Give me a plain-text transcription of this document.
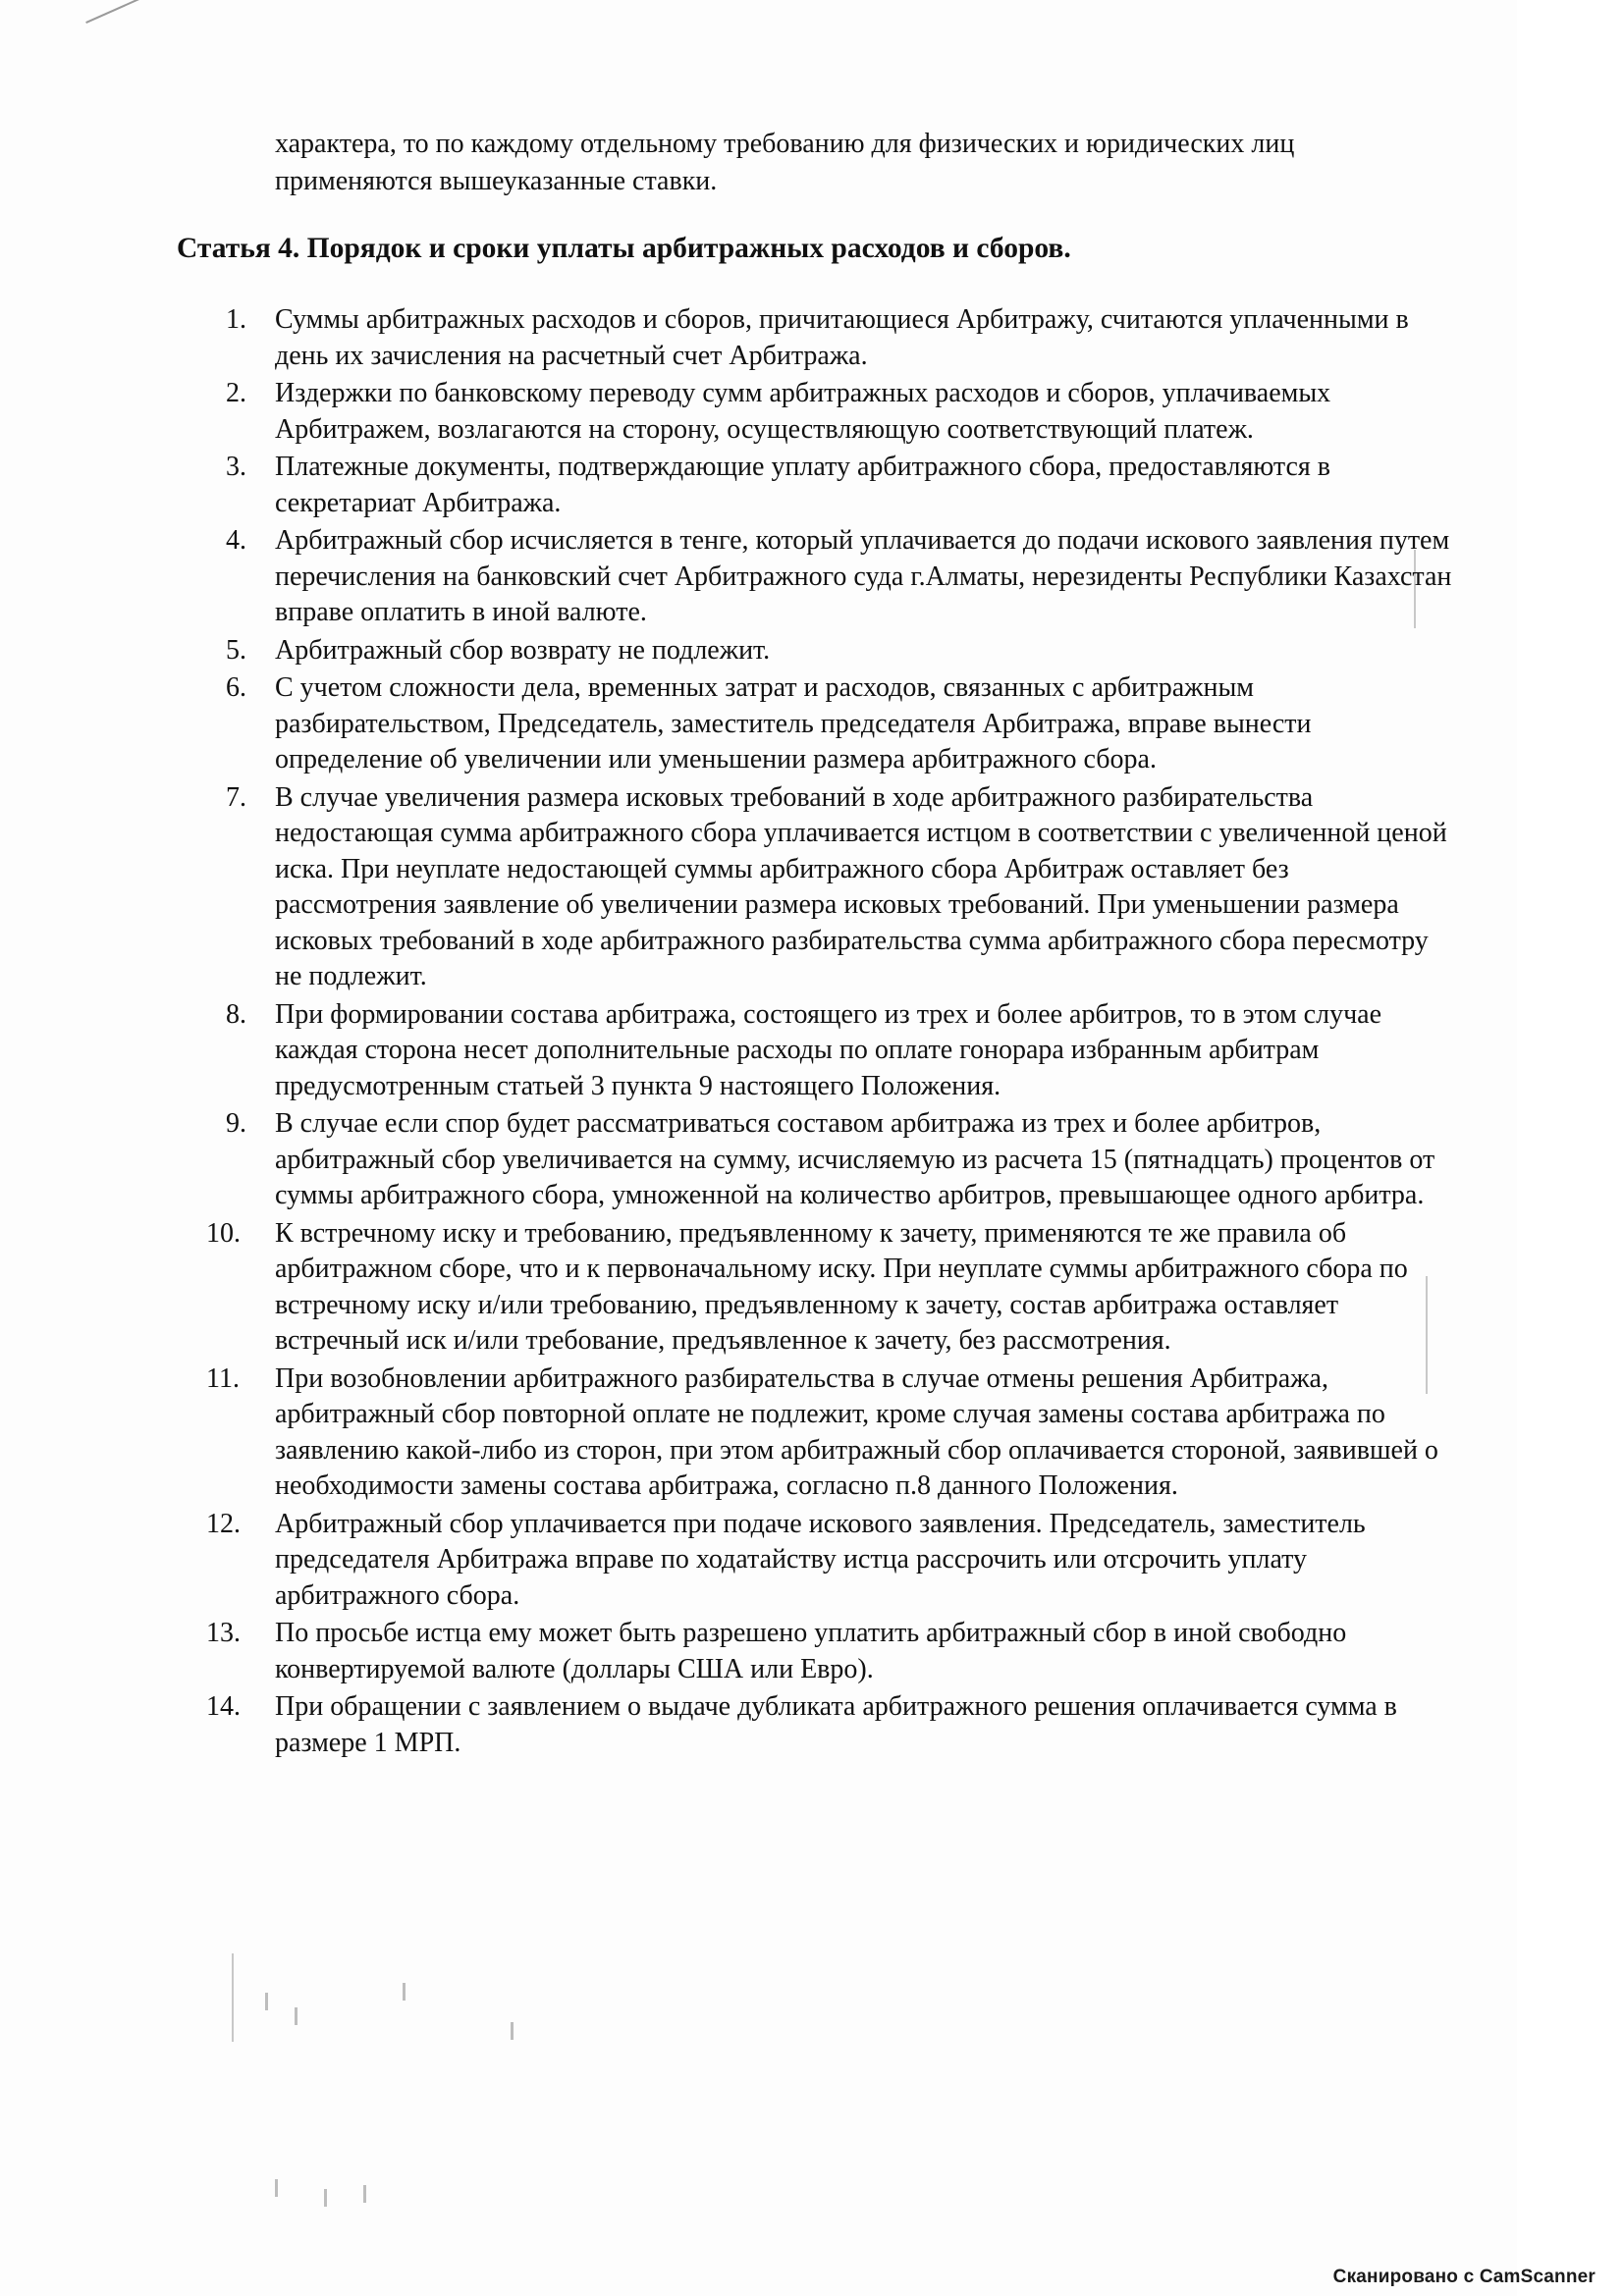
характера, то по каждому отдельному требованию для физических и юридических лиц применяются вышеуказанные ставки.

Статья 4. Порядок и сроки уплаты арбитражных расходов и сборов.
1.	Суммы арбитражных расходов и сборов, причитающиеся Арбитражу, считаются уплаченными в день их зачисления на расчетный счет Арбитража.
2.	Издержки по банковскому переводу сумм арбитражных расходов и сборов, уплачиваемых Арбитражем, возлагаются на сторону, осуществляющую соответствующий платеж.
3.	Платежные документы, подтверждающие уплату арбитражного сбора, предоставляются в секретариат Арбитража.
4.	Арбитражный сбор исчисляется в тенге, который уплачивается до подачи искового заявления путем перечисления на банковский счет Арбитражного суда г.Алматы, нерезиденты Республики Казахстан вправе оплатить в иной валюте.
5.	Арбитражный сбор возврату не подлежит.
6.	С учетом сложности дела, временных затрат и расходов, связанных с арбитражным разбирательством, Председатель, заместитель председателя Арбитража, вправе вынести определение об увеличении или уменьшении размера арбитражного сбора.
7.	В случае увеличения размера исковых требований в ходе арбитражного разбирательства недостающая сумма арбитражного сбора уплачивается истцом в соответствии с увеличенной ценой иска. При неуплате недостающей суммы арбитражного сбора Арбитраж оставляет без рассмотрения заявление об увеличении размера исковых требований. При уменьшении размера исковых требований в ходе арбитражного разбирательства сумма арбитражного сбора пересмотру не подлежит.
8.	При формировании состава арбитража, состоящего из трех и более арбитров, то в этом случае каждая сторона несет дополнительные расходы по оплате гонорара избранным арбитрам предусмотренным статьей 3 пункта 9 настоящего Положения.
9.	В случае если спор будет рассматриваться составом арбитража из трех и более арбитров, арбитражный сбор увеличивается на сумму, исчисляемую из расчета 15 (пятнадцать) процентов от суммы арбитражного сбора, умноженной на количество арбитров, превышающее одного арбитра.
10.	К встречному иску и требованию, предъявленному к зачету, применяются те же правила об арбитражном сборе, что и к первоначальному иску. При неуплате суммы арбитражного сбора по встречному иску и/или требованию, предъявленному к зачету, состав арбитража оставляет встречный иск и/или требование, предъявленное к зачету, без рассмотрения.
11.	При возобновлении арбитражного разбирательства в случае отмены решения Арбитража, арбитражный сбор повторной оплате не подлежит, кроме случая замены состава арбитража по заявлению какой-либо из сторон, при этом арбитражный сбор оплачивается стороной, заявившей о необходимости замены состава арбитража, согласно п.8 данного Положения.
12.	Арбитражный сбор уплачивается при подаче искового заявления. Председатель, заместитель председателя Арбитража вправе по ходатайству истца рассрочить или отсрочить уплату арбитражного сбора.
13.	По просьбе истца ему может быть разрешено уплатить арбитражный сбор в иной свободно конвертируемой валюте (доллары США или Евро).
14.	При обращении с заявлением о выдаче дубликата арбитражного решения оплачивается сумма в размере 1 МРП.
Сканировано с CamScanner
